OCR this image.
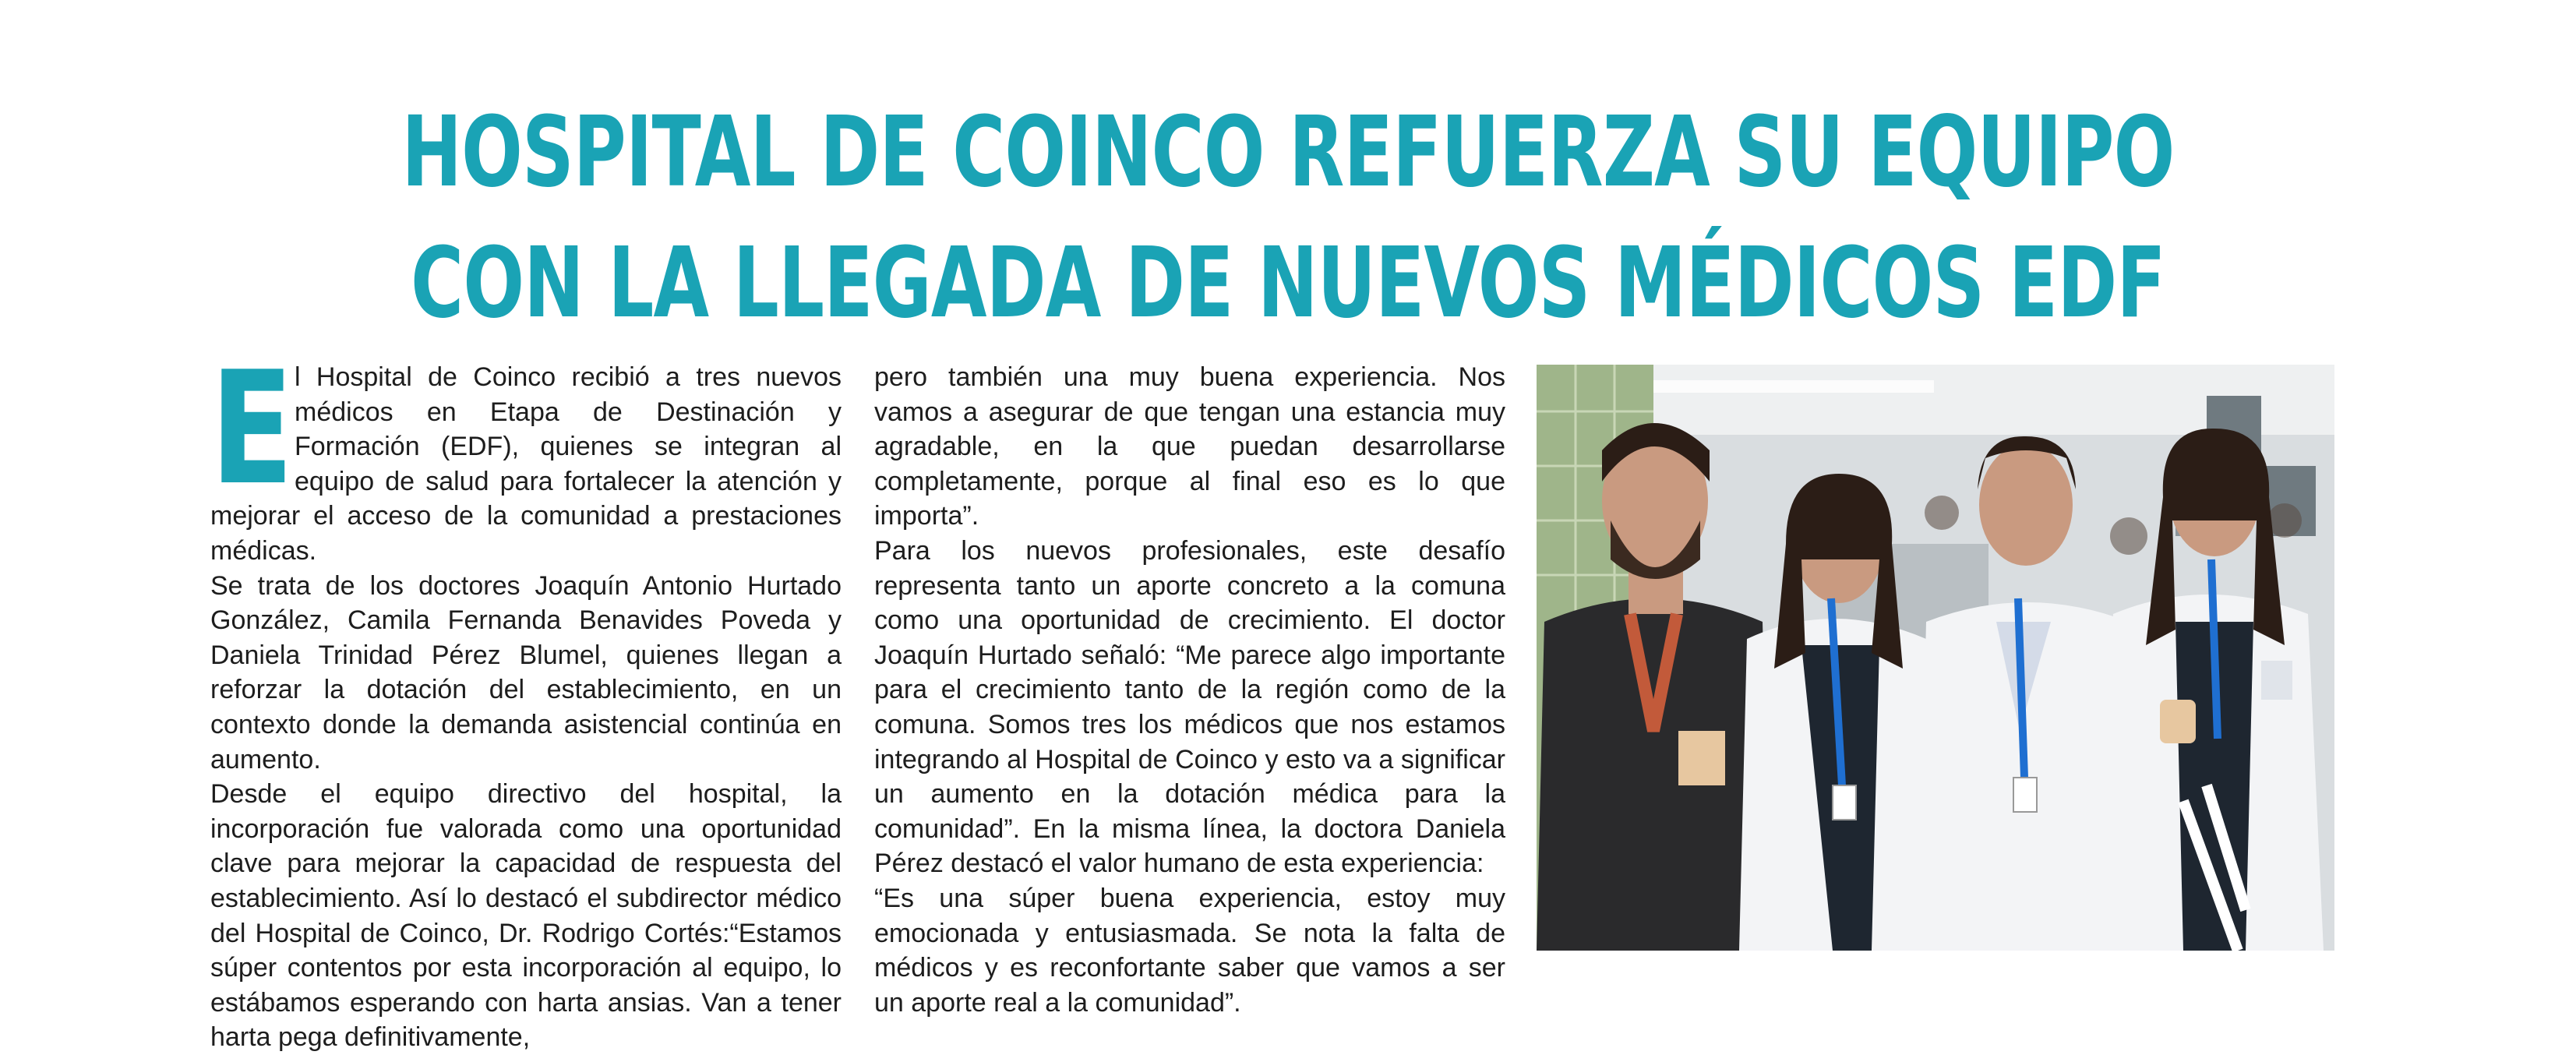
HOSPITAL DE COINCO REFUERZA SU EQUIPO
CON LA LLEGADA DE NUEVOS MÉDICOS EDF

El Hospital de Coinco recibió a tres nuevos médicos en Etapa de Destinación y Formación (EDF), quienes se integran al equipo de salud para fortalecer la atención y mejorar el acceso de la comunidad a prestaciones médicas.

Se trata de los doctores Joaquín Antonio Hurtado González, Camila Fernanda Benavides Poveda y Daniela Trinidad Pérez Blumel, quienes llegan a reforzar la dotación del establecimiento, en un contexto donde la demanda asistencial continúa en aumento.

Desde el equipo directivo del hospital, la incorporación fue valorada como una oportunidad clave para mejorar la capacidad de respuesta del establecimiento. Así lo destacó el subdirector médico del Hospital de Coinco, Dr. Rodrigo Cortés:“Estamos súper contentos por esta incorporación al equipo, lo estábamos esperando con harta ansias. Van a tener harta pega definitivamente,

pero también una muy buena experiencia. Nos vamos a asegurar de que tengan una estancia muy agradable, en la que puedan desarrollarse completamente, porque al final eso es lo que importa”.

Para los nuevos profesionales, este desafío representa tanto un aporte concreto a la comuna como una oportunidad de crecimiento. El doctor Joaquín Hurtado señaló: “Me parece algo importante para el crecimiento tanto de la región como de la comuna. Somos tres los médicos que nos estamos integrando al Hospital de Coinco y esto va a significar un aumento en la dotación médica para la comunidad”. En la misma línea, la doctora Daniela Pérez destacó el valor humano de esta experiencia:

“Es una súper buena experiencia, estoy muy emocionada y entusiasmada. Se nota la falta de médicos y es reconfortante saber que vamos a ser un aporte real a la comunidad”.
